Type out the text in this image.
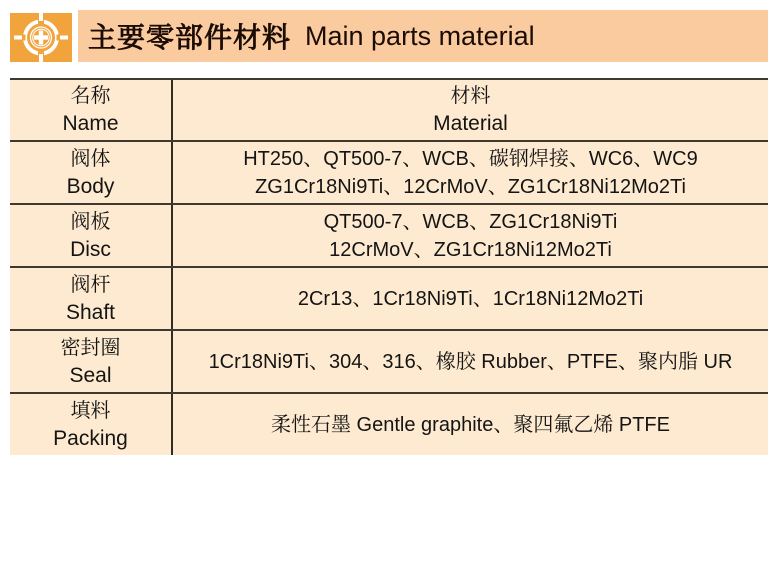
主要零部件材料 Main parts material
名称
Name
材料
Material
阀体
Body
HT250、QT500-7、WCB、碳钢焊接、WC6、WC9
ZG1Cr18Ni9Ti、12CrMoV、ZG1Cr18Ni12Mo2Ti
阀板
Disc
QT500-7、WCB、ZG1Cr18Ni9Ti
12CrMoV、ZG1Cr18Ni12Mo2Ti
阀杆
Shaft
2Cr13、1Cr18Ni9Ti、1Cr18Ni12Mo2Ti
密封圈
Seal
1Cr18Ni9Ti、304、316、橡胶 Rubber、PTFE、聚内脂 UR
填料
Packing
柔性石墨 Gentle graphite、聚四氟乙烯 PTFE
